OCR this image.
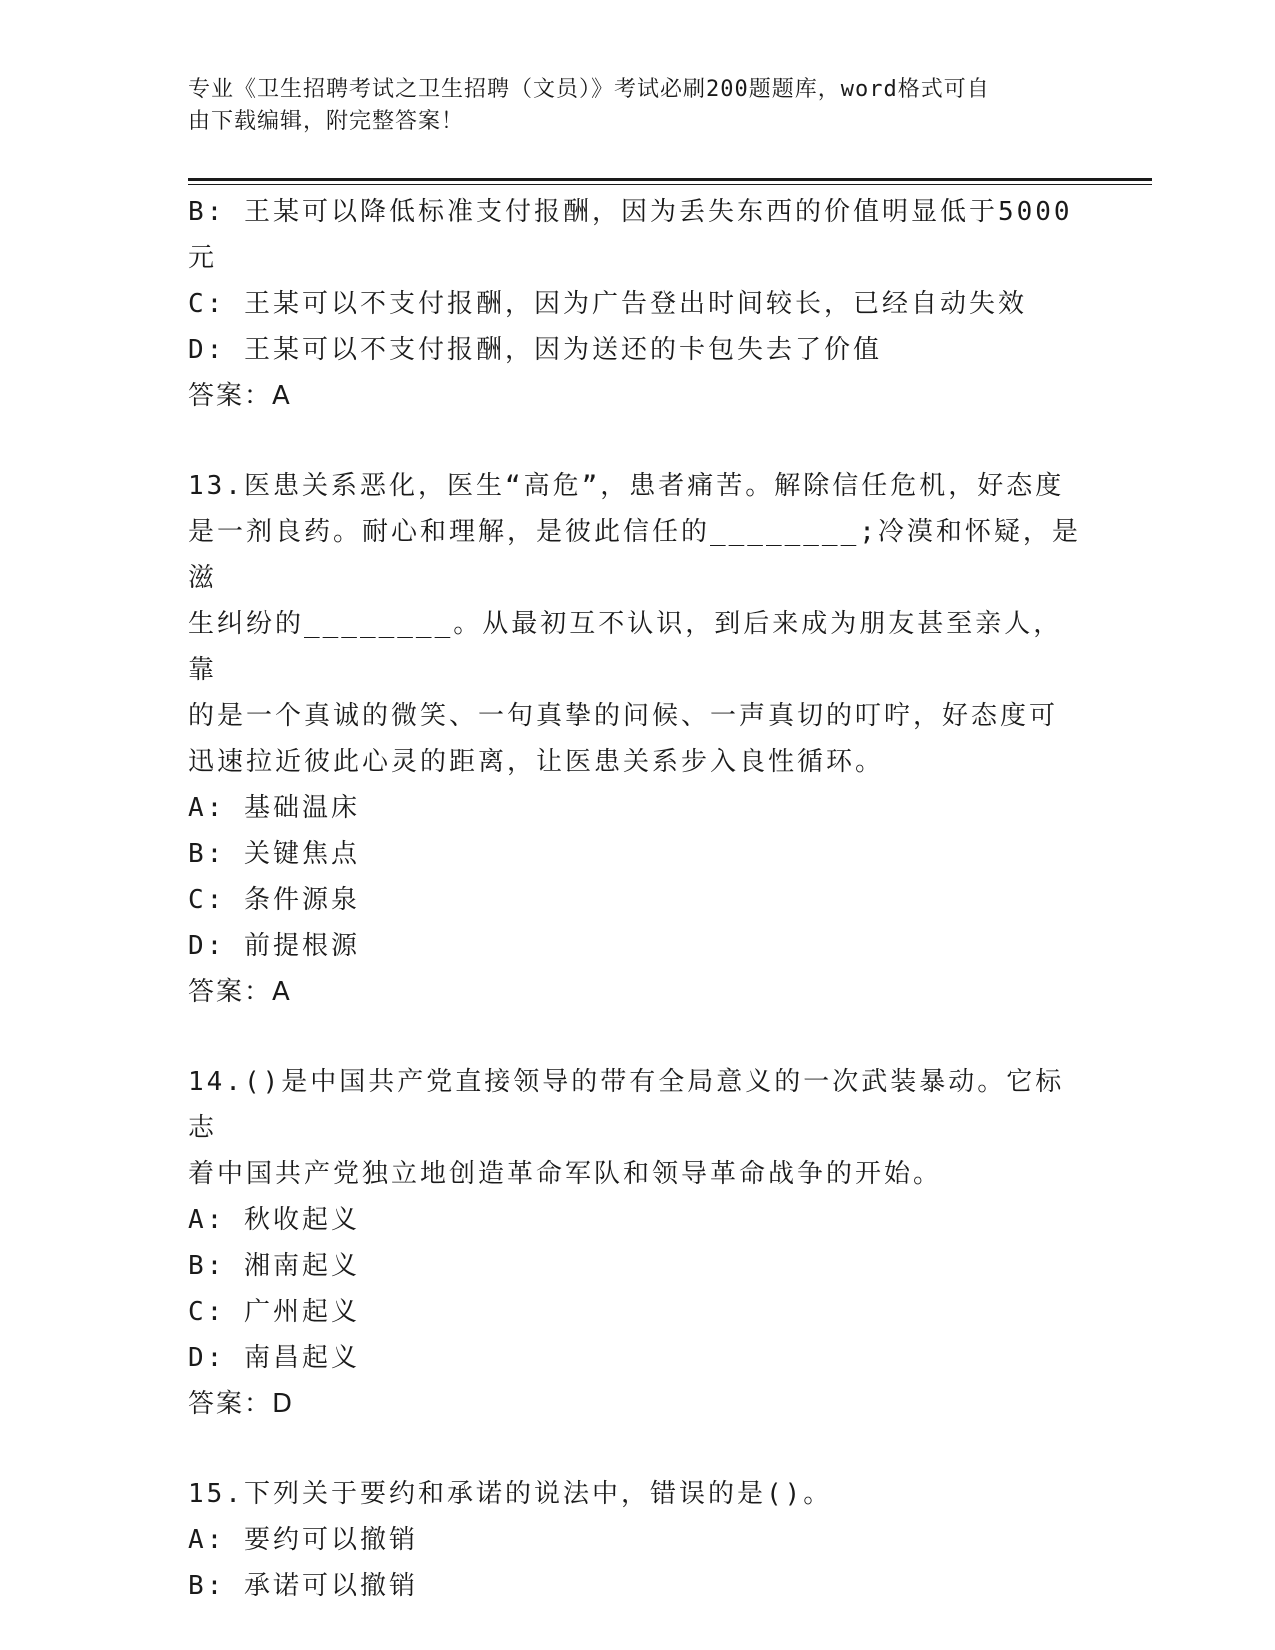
专业《卫生招聘考试之卫生招聘（文员）》考试必刷200题题库，word格式可自
由下载编辑，附完整答案！

B: 王某可以降低标准支付报酬，因为丢失东西的价值明显低于5000

元

C: 王某可以不支付报酬，因为广告登出时间较长，已经自动失效

D: 王某可以不支付报酬，因为送还的卡包失去了价值

答案：A

13.医患关系恶化，医生“高危”，患者痛苦。解除信任危机，好态度

是一剂良药。耐心和理解，是彼此信任的________;冷漠和怀疑，是滋

生纠纷的________。从最初互不认识，到后来成为朋友甚至亲人，靠

的是一个真诚的微笑、一句真挚的问候、一声真切的叮咛，好态度可

迅速拉近彼此心灵的距离，让医患关系步入良性循环。

A: 基础温床

B: 关键焦点

C: 条件源泉

D: 前提根源

答案：A

14.()是中国共产党直接领导的带有全局意义的一次武装暴动。它标志

着中国共产党独立地创造革命军队和领导革命战争的开始。

A: 秋收起义

B: 湘南起义

C: 广州起义

D: 南昌起义

答案：D

15.下列关于要约和承诺的说法中，错误的是()。

A: 要约可以撤销

B: 承诺可以撤销
